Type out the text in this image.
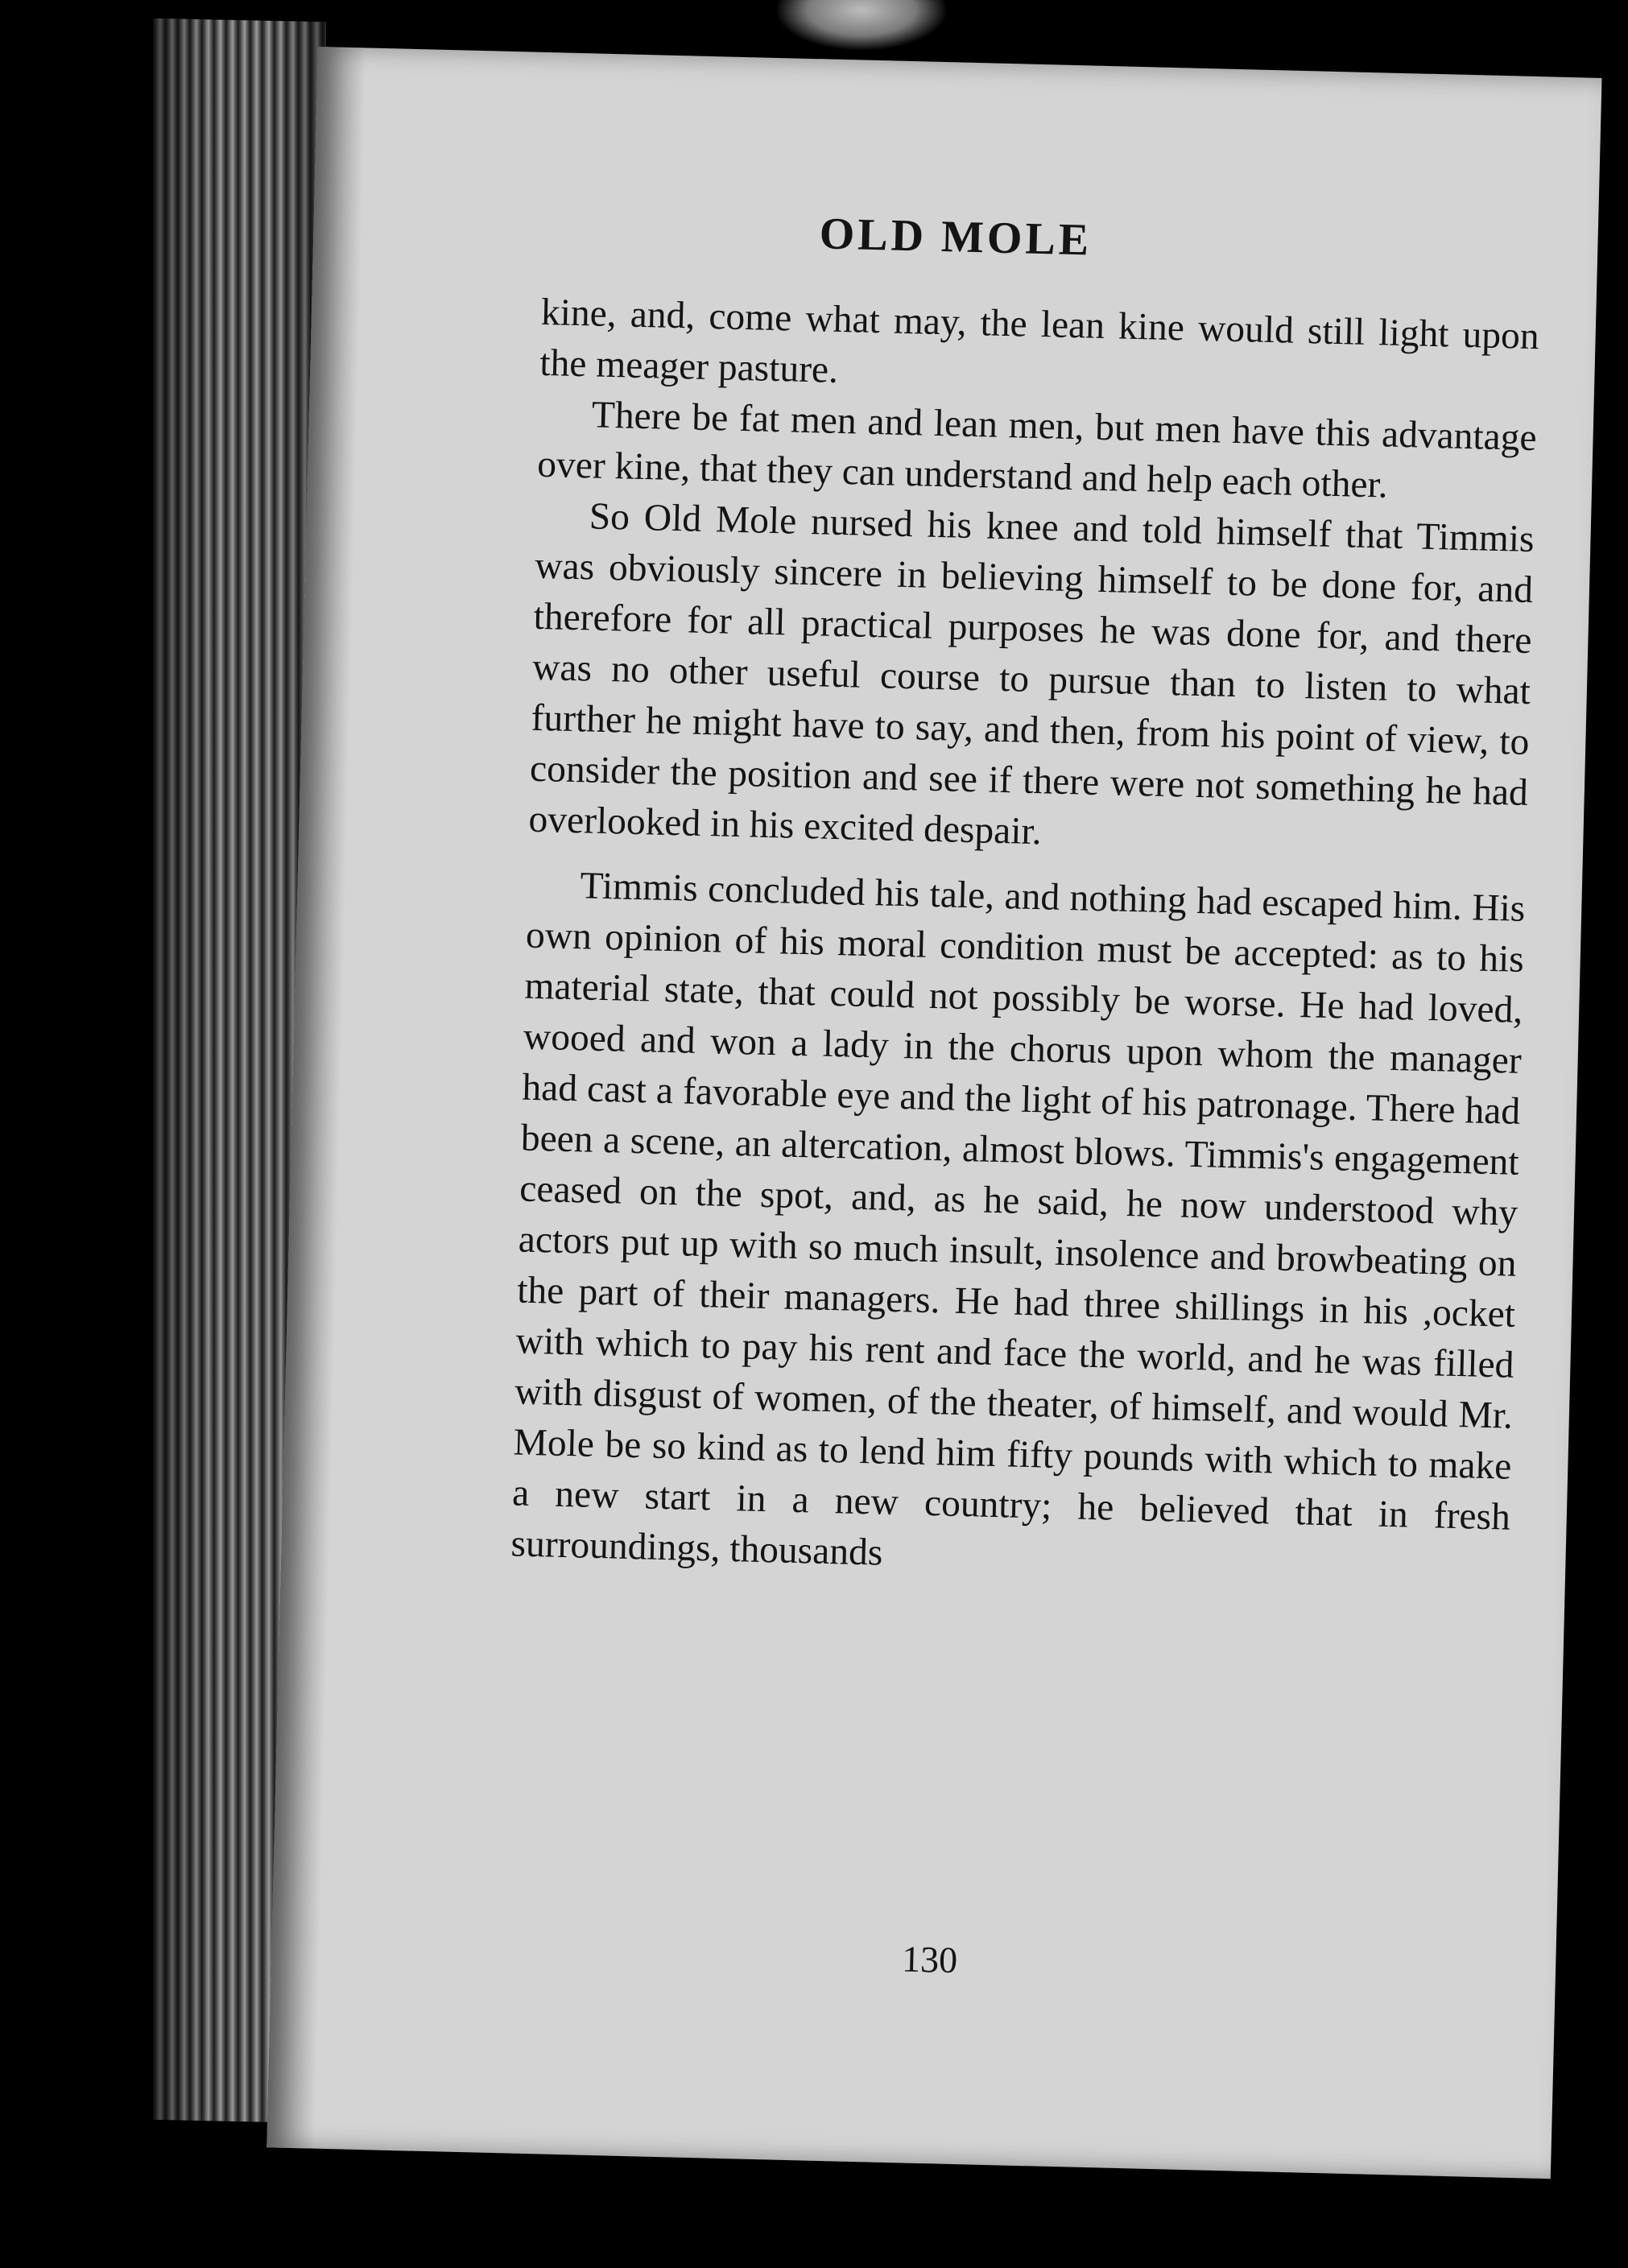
OLD MOLE

kine, and, come what may, the lean kine would still light upon the meager pasture.

There be fat men and lean men, but men have this advantage over kine, that they can understand and help each other.

So Old Mole nursed his knee and told himself that Timmis was obviously sincere in believing himself to be done for, and therefore for all practical purposes he was done for, and there was no other useful course to pursue than to listen to what further he might have to say, and then, from his point of view, to consider the position and see if there were not something he had overlooked in his excited despair.

Timmis concluded his tale, and nothing had escaped him. His own opinion of his moral condition must be accepted: as to his material state, that could not possibly be worse. He had loved, wooed and won a lady in the chorus upon whom the manager had cast a favorable eye and the light of his patronage. There had been a scene, an altercation, almost blows. Timmis's engagement ceased on the spot, and, as he said, he now understood why actors put up with so much insult, insolence and browbeating on the part of their managers. He had three shillings in his ,ocket with which to pay his rent and face the world, and he was filled with disgust of women, of the theater, of himself, and would Mr. Mole be so kind as to lend him fifty pounds with which to make a new start in a new country; he believed that in fresh surroundings, thousands

130
